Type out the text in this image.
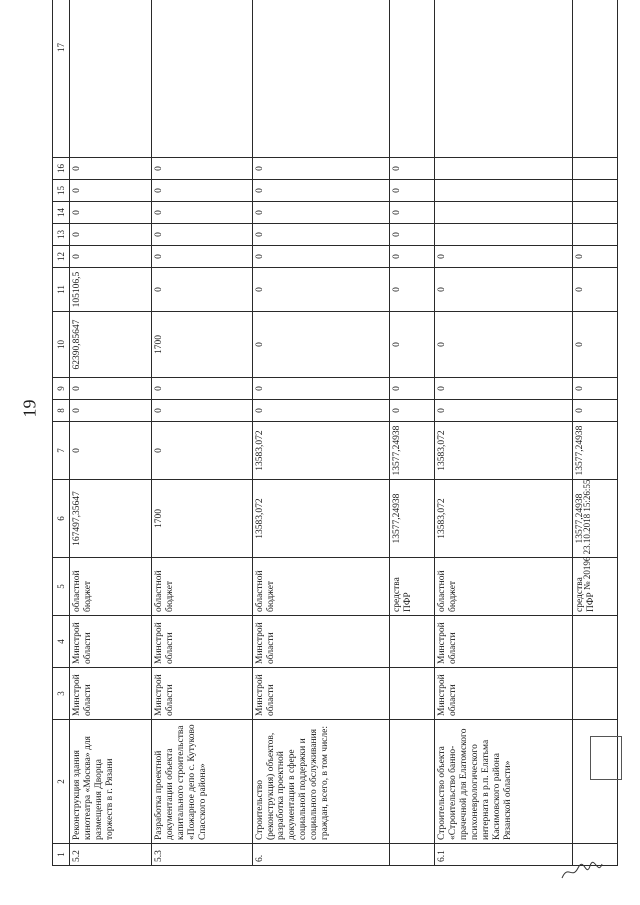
19
1	2	3	4	5	6	7	8	9	10	11	12	13	14	15	16	17
5.2	Реконструкция здания кинотеатра «Москва» для размещения Дворца торжеств в г. Рязани	Минстрой области	Минстрой области	областной бюджет	167497,35647	0	0	0	62390,85647	105106,5	0	0	0	0	0	
5.3	Разработка проектной документации объекта капитального строительства «Пожарное депо с. Кутуково Спасского района»	Минстрой области	Минстрой области	областной бюджет	1700	0	0	0	1700	0	0	0	0	0	0	
6.	Строительство (реконструкция) объектов, разработка проектной документации в сфере социальной поддержки и социального обслуживания граждан, всего, в том числе:	Минстрой области	Минстрой области	областной бюджет	13583,072	13583,072	0	0	0	0	0	0	0	0	0	
				средства ПФР	13577,24938	13577,24938	0	0	0	0	0	0	0	0	0	
6.1	Строительство объекта «Строительство банно-прачечной для Елатомского психоневрологического интерната в р.п. Елатьма Касимовского района Рязанской области»	Минстрой области	Минстрой области	областной бюджет	13583,072	13583,072	0	0	0	0	0					
				средства ПФР	13577,24938	13577,24938	0	0	0	0	0					
№ 20196 23.10.2018 15:26:55
